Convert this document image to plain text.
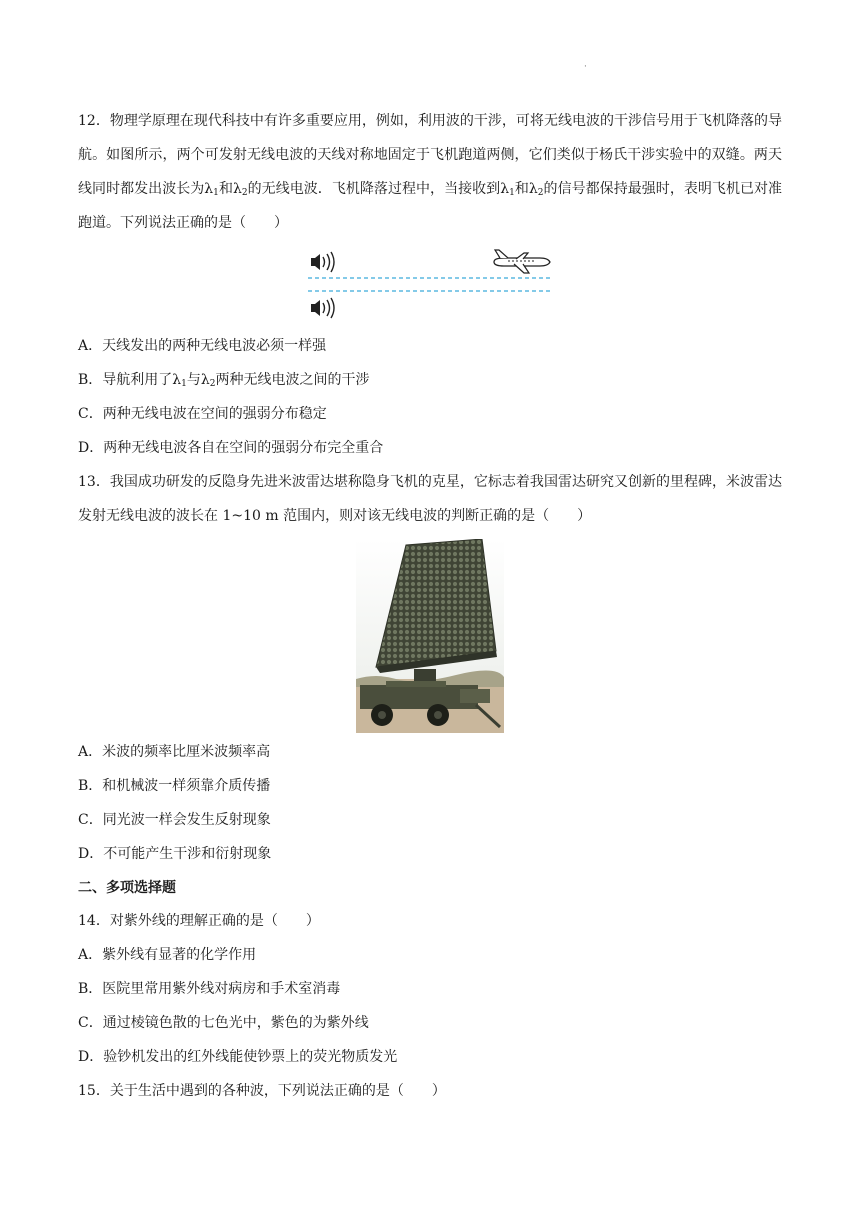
·
12．物理学原理在现代科技中有许多重要应用，例如，利用波的干涉，可将无线电波的干涉信号用于飞机降落的导航。如图所示，两个可发射无线电波的天线对称地固定于飞机跑道两侧，它们类似于杨氏干涉实验中的双缝。两天线同时都发出波长为$\lambda_1$和$\lambda_2$的无线电波．飞机降落过程中，当接收到$\lambda_1$和$\lambda_2$的信号都保持最强时，表明飞机已对准跑道。下列说法正确的是（　　）
A．天线发出的两种无线电波必须一样强
B．导航利用了$\lambda_1$与$\lambda_2$两种无线电波之间的干涉
C．两种无线电波在空间的强弱分布稳定
D．两种无线电波各自在空间的强弱分布完全重合
13．我国成功研发的反隐身先进米波雷达堪称隐身飞机的克星，它标志着我国雷达研究又创新的里程碑，米波雷达发射无线电波的波长在 1~10 m 范围内，则对该无线电波的判断正确的是（　　）
A．米波的频率比厘米波频率高
B．和机械波一样须靠介质传播
C．同光波一样会发生反射现象
D．不可能产生干涉和衍射现象
二、多项选择题
14．对紫外线的理解正确的是（　　）
A．紫外线有显著的化学作用
B．医院里常用紫外线对病房和手术室消毒
C．通过棱镜色散的七色光中，紫色的为紫外线
D．验钞机发出的红外线能使钞票上的荧光物质发光
15．关于生活中遇到的各种波，下列说法正确的是（　　）
